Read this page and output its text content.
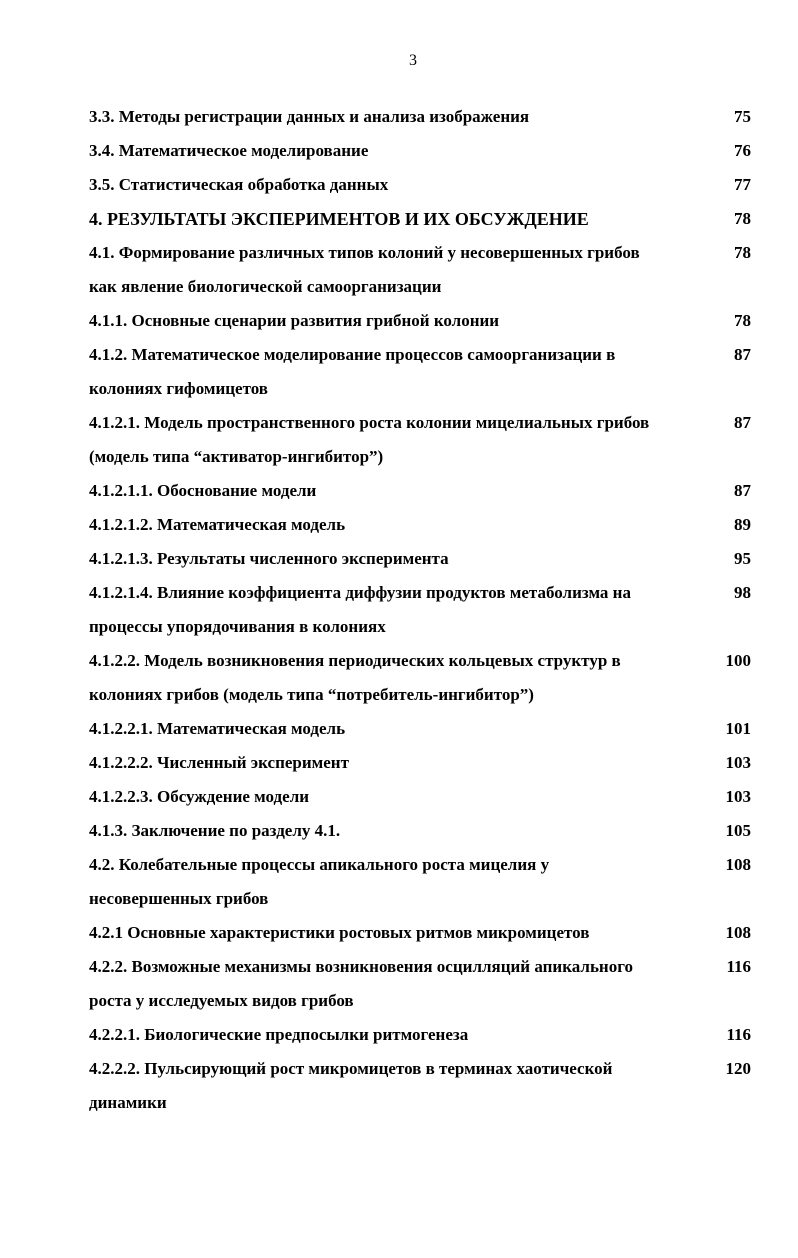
3
3.3. Методы регистрации данных и анализа изображения	75
3.4. Математическое моделирование	76
3.5. Статистическая обработка данных	77
4. РЕЗУЛЬТАТЫ ЭКСПЕРИМЕНТОВ И ИХ ОБСУЖДЕНИЕ	78
4.1. Формирование различных типов колоний у несовершенных грибов
как явление биологической самоорганизации
78
4.1.1. Основные сценарии развития грибной колонии	78
4.1.2. Математическое моделирование процессов самоорганизации в
колониях гифомицетов
87
4.1.2.1. Модель пространственного роста колонии мицелиальных грибов
(модель типа “активатор-ингибитор”)
87
4.1.2.1.1. Обоснование модели	87
4.1.2.1.2. Математическая модель	89
4.1.2.1.3. Результаты численного эксперимента	95
4.1.2.1.4. Влияние коэффициента диффузии продуктов метаболизма на
процессы упорядочивания в колониях
98
4.1.2.2. Модель возникновения периодических кольцевых структур в
колониях грибов (модель типа “потребитель-ингибитор”)
100
4.1.2.2.1. Математическая модель	101
4.1.2.2.2. Численный эксперимент	103
4.1.2.2.3. Обсуждение модели	103
4.1.3. Заключение по разделу 4.1.	105
4.2. Колебательные процессы апикального роста мицелия у
несовершенных грибов
108
4.2.1 Основные характеристики ростовых ритмов микромицетов	108
4.2.2. Возможные механизмы возникновения осцилляций апикального
роста у исследуемых видов грибов
116
4.2.2.1. Биологические предпосылки ритмогенеза	116
4.2.2.2. Пульсирующий рост микромицетов в терминах хаотической
динамики
120
